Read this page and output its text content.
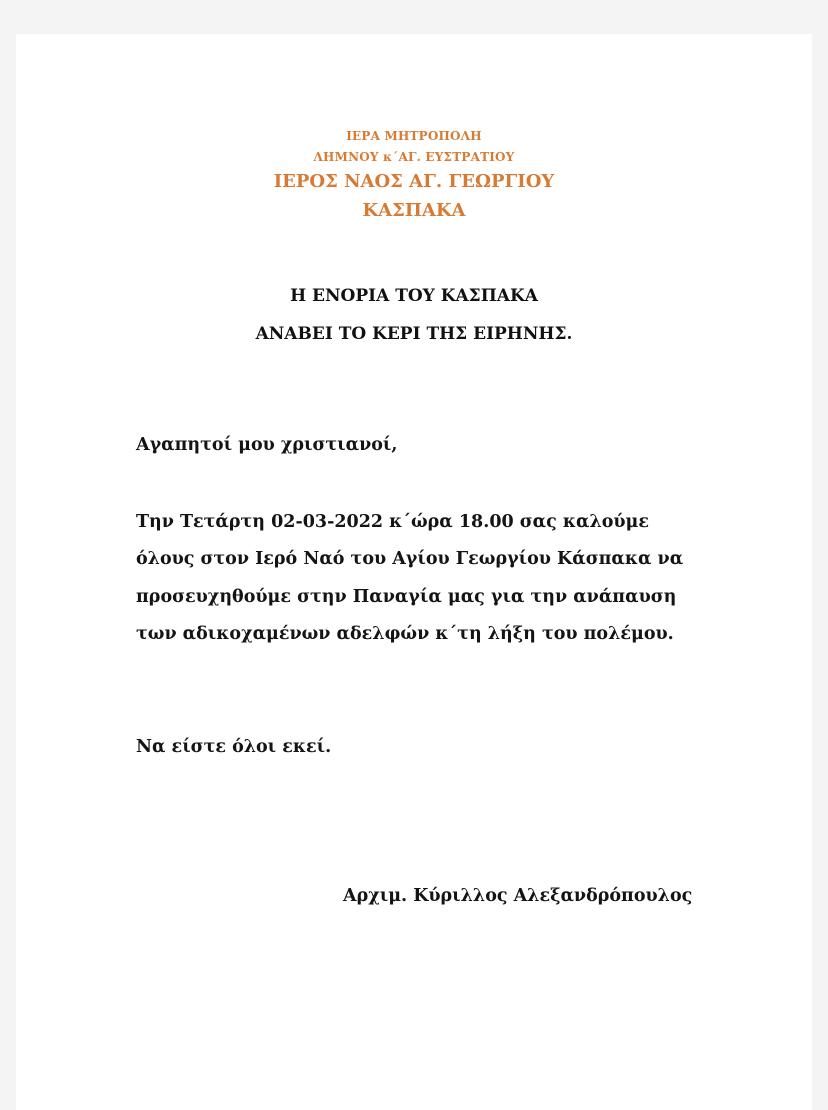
ΙΕΡΑ ΜΗΤΡΟΠΟΛΗ
ΛΗΜΝΟΥ κ΄ΑΓ. ΕΥΣΤΡΑΤΙΟΥ
ΙΕΡΟΣ ΝΑΟΣ ΑΓ. ΓΕΩΡΓΙΟΥ
ΚΑΣΠΑΚΑ
Η ΕΝΟΡΙΑ ΤΟΥ ΚΑΣΠΑΚΑ
ΑΝΑΒΕΙ ΤΟ ΚΕΡΙ ΤΗΣ ΕΙΡΗΝΗΣ.
Αγαπητοί μου χριστιανοί,
Την Τετάρτη 02-03-2022 κ΄ώρα 18.00 σας καλούμε
όλους στον Ιερό Ναό του Αγίου Γεωργίου Κάσπακα να
προσευχηθούμε στην Παναγία μας για την ανάπαυση
των αδικοχαμένων αδελφών κ΄τη λήξη του πολέμου.
Να είστε όλοι εκεί.
Αρχιμ. Κύριλλος Αλεξανδρόπουλος
